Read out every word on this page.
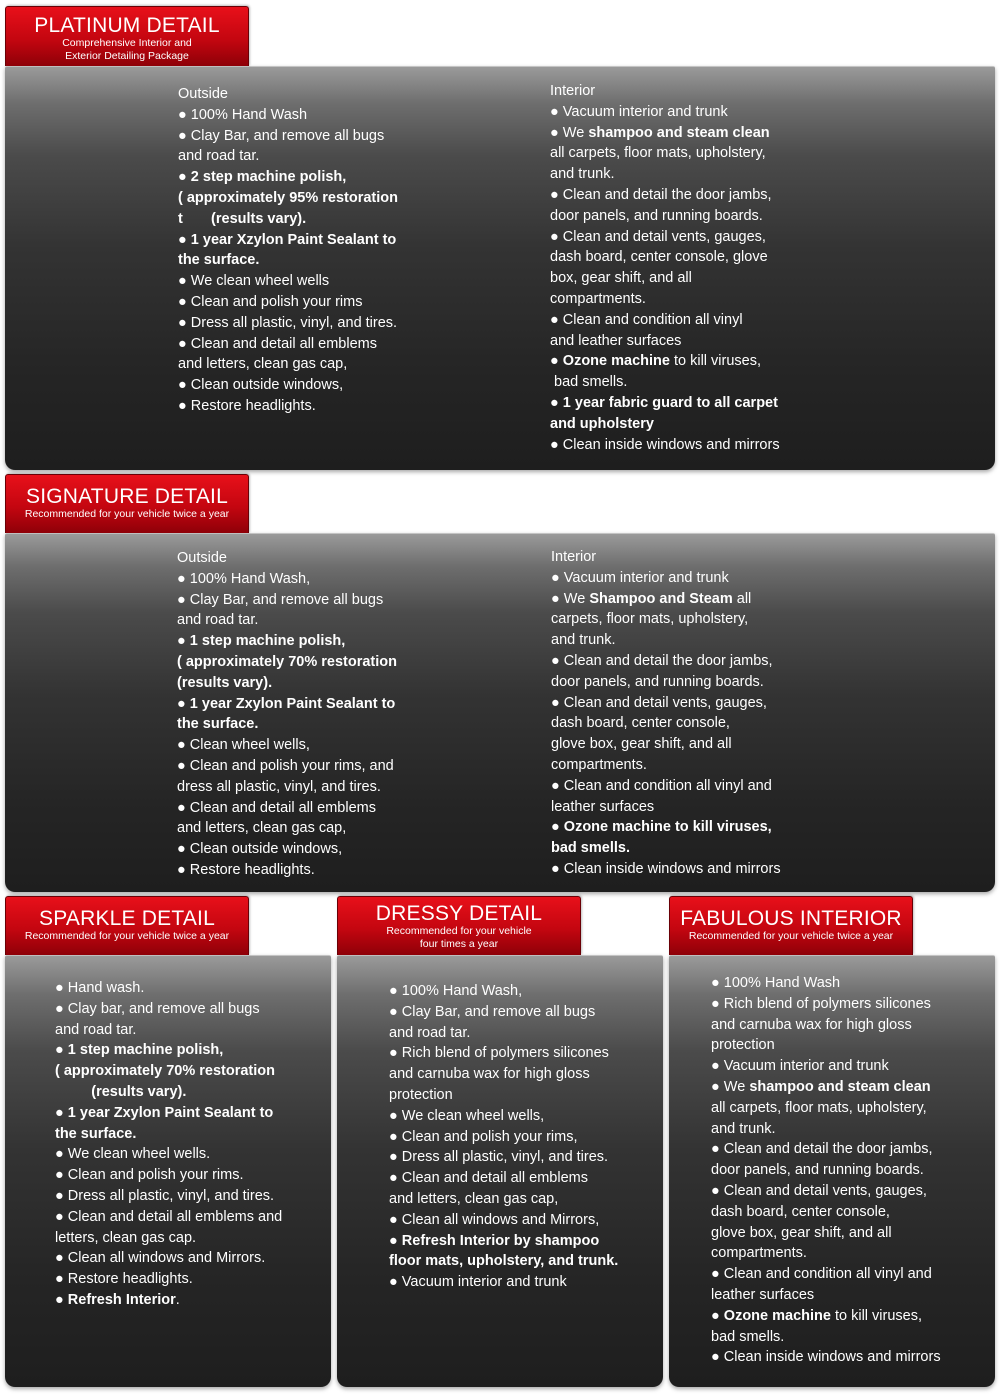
PLATINUM DETAIL
Comprehensive Interior and
Exterior Detailing Package
Outside
● 100% Hand Wash
● Clay Bar, and remove all bugs
and road tar.
● 2 step machine polish,
( approximately 95% restoration
t       (results vary).
● 1 year Xzylon Paint Sealant to
the surface.
● We clean wheel wells
● Clean and polish your rims
● Dress all plastic, vinyl, and tires.
● Clean and detail all emblems
and letters, clean gas cap,
● Clean outside windows,
● Restore headlights.
Interior
● Vacuum interior and trunk
● We shampoo and steam clean
all carpets, floor mats, upholstery,
and trunk.
● Clean and detail the door jambs,
door panels, and running boards.
● Clean and detail vents, gauges,
dash board, center console, glove
box, gear shift, and all
compartments.
● Clean and condition all vinyl
and leather surfaces
● Ozone machine to kill viruses,
bad smells.
● 1 year fabric guard to all carpet
and upholstery
● Clean inside windows and mirrors
SIGNATURE DETAIL
Recommended for your vehicle twice a year
Outside
● 100% Hand Wash,
● Clay Bar, and remove all bugs
and road tar.
● 1 step machine polish,
( approximately 70% restoration
(results vary).
● 1 year Zxylon Paint Sealant to
the surface.
● Clean wheel wells,
● Clean and polish your rims, and
dress all plastic, vinyl, and tires.
● Clean and detail all emblems
and letters, clean gas cap,
● Clean outside windows,
● Restore headlights.
Interior
● Vacuum interior and trunk
● We Shampoo and Steam all
carpets, floor mats, upholstery,
and trunk.
● Clean and detail the door jambs,
door panels, and running boards.
● Clean and detail vents, gauges,
dash board, center console,
glove box, gear shift, and all
compartments.
● Clean and condition all vinyl and
leather surfaces
● Ozone machine to kill viruses,
bad smells.
● Clean inside windows and mirrors
SPARKLE DETAIL
Recommended for your vehicle twice a year
● Hand wash.
● Clay bar, and remove all bugs
and road tar.
● 1 step machine polish,
( approximately 70% restoration
(results vary).
● 1 year Zxylon Paint Sealant to
the surface.
● We clean wheel wells.
● Clean and polish your rims.
● Dress all plastic, vinyl, and tires.
● Clean and detail all emblems and
letters, clean gas cap.
● Clean all windows and Mirrors.
● Restore headlights.
● Refresh Interior.
DRESSY DETAIL
Recommended for your vehicle
four times a year
● 100% Hand Wash,
● Clay Bar, and remove all bugs
and road tar.
● Rich blend of polymers silicones
and carnuba wax for high gloss
protection
● We clean wheel wells,
● Clean and polish your rims,
● Dress all plastic, vinyl, and tires.
● Clean and detail all emblems
and letters, clean gas cap,
● Clean all windows and Mirrors,
● Refresh Interior by shampoo
floor mats, upholstery, and trunk.
● Vacuum interior and trunk
FABULOUS INTERIOR
Recommended for your vehicle twice a year
● 100% Hand Wash
● Rich blend of polymers silicones
and carnuba wax for high gloss
protection
● Vacuum interior and trunk
● We shampoo and steam clean
all carpets, floor mats, upholstery,
and trunk.
● Clean and detail the door jambs,
door panels, and running boards.
● Clean and detail vents, gauges,
dash board, center console,
glove box, gear shift, and all
compartments.
● Clean and condition all vinyl and
leather surfaces
● Ozone machine to kill viruses,
bad smells.
● Clean inside windows and mirrors
